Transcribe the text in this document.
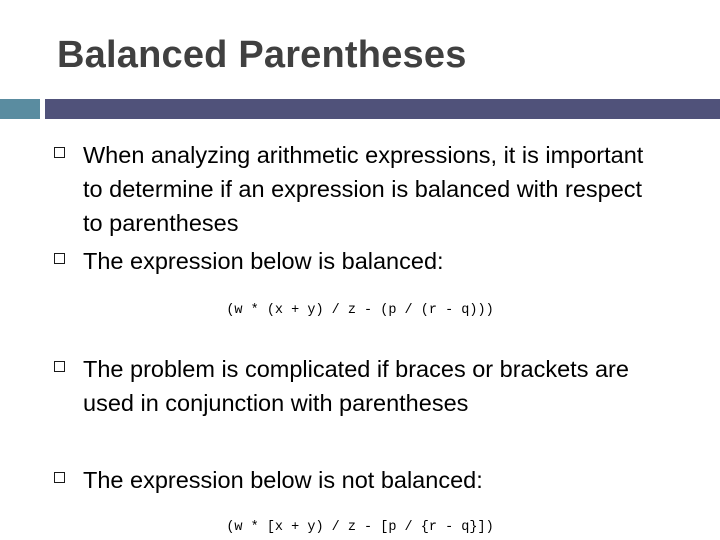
Balanced Parentheses
When analyzing arithmetic expressions, it is important to determine if an expression is balanced with respect to parentheses
The expression below is balanced:
(w * (x + y) / z - (p / (r - q)))
The problem is complicated if braces or brackets are used in conjunction with parentheses
The expression below is not balanced:
(w * [x + y) / z - [p / {r - q}])
